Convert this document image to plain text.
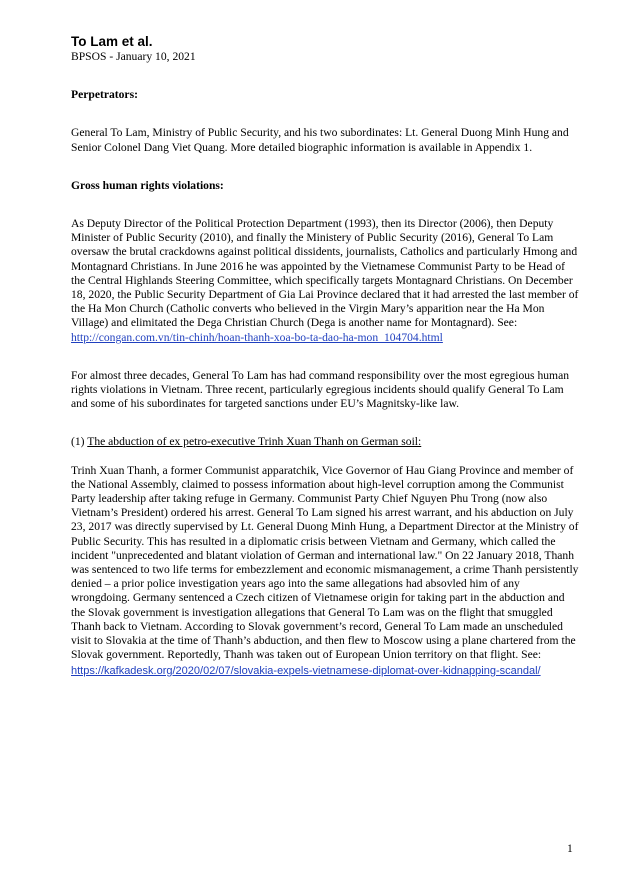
To Lam et al.
BPSOS - January 10, 2021
Perpetrators:

General To Lam, Ministry of Public Security, and his two subordinates: Lt. General Duong Minh Hung and Senior Colonel Dang Viet Quang. More detailed biographic information is available in Appendix 1.

Gross human rights violations:

As Deputy Director of the Political Protection Department (1993), then its Director (2006), then Deputy Minister of Public Security (2010), and finally the Ministery of Public Security (2016), General To Lam oversaw the brutal crackdowns against political dissidents, journalists, Catholics and particularly Hmong and Montagnard Christians. In June 2016 he was appointed by the Vietnamese Communist Party to be Head of the Central Highlands Steering Committee, which specifically targets Montagnard Christians. On December 18, 2020, the Public Security Department of Gia Lai Province declared that it had arrested the last member of the Ha Mon Church (Catholic converts who believed in the Virgin Mary’s apparition near the Ha Mon Village) and elimitated the Dega Christian Church (Dega is another name for Montagnard). See: http://congan.com.vn/tin-chinh/hoan-thanh-xoa-bo-ta-dao-ha-mon_104704.html

For almost three decades, General To Lam has had command responsibility over the most egregious human rights violations in Vietnam. Three recent, particularly egregious incidents should qualify General To Lam and some of his subordinates for targeted sanctions under EU’s Magnitsky-like law.

(1) The abduction of ex petro-executive Trinh Xuan Thanh on German soil:

Trinh Xuan Thanh, a former Communist apparatchik, Vice Governor of Hau Giang Province and member of the National Assembly, claimed to possess information about high-level corruption among the Communist Party leadership after taking refuge in Germany. Communist Party Chief Nguyen Phu Trong (now also Vietnam’s President) ordered his arrest. General To Lam signed his arrest warrant, and his abduction on July 23, 2017 was directly supervised by Lt. General Duong Minh Hung, a Department Director at the Ministry of Public Security. This has resulted in a diplomatic crisis between Vietnam and Germany, which called the incident "unprecedented and blatant violation of German and international law." On 22 January 2018, Thanh was sentenced to two life terms for embezzlement and economic mismanagement, a crime Thanh persistently denied – a prior police investigation years ago into the same allegations had absovled him of any wrongdoing. Germany sentenced a Czech citizen of Vietnamese origin for taking part in the abduction and the Slovak government is investigation allegations that General To Lam was on the flight that smuggled Thanh back to Vietnam. According to Slovak government’s record, General To Lam made an unscheduled visit to Slovakia at the time of Thanh’s abduction, and then flew to Moscow using a plane chartered from the Slovak government. Reportedly, Thanh was taken out of European Union territory on that flight. See:
https://kafkadesk.org/2020/02/07/slovakia-expels-vietnamese-diplomat-over-kidnapping-scandal/

1
